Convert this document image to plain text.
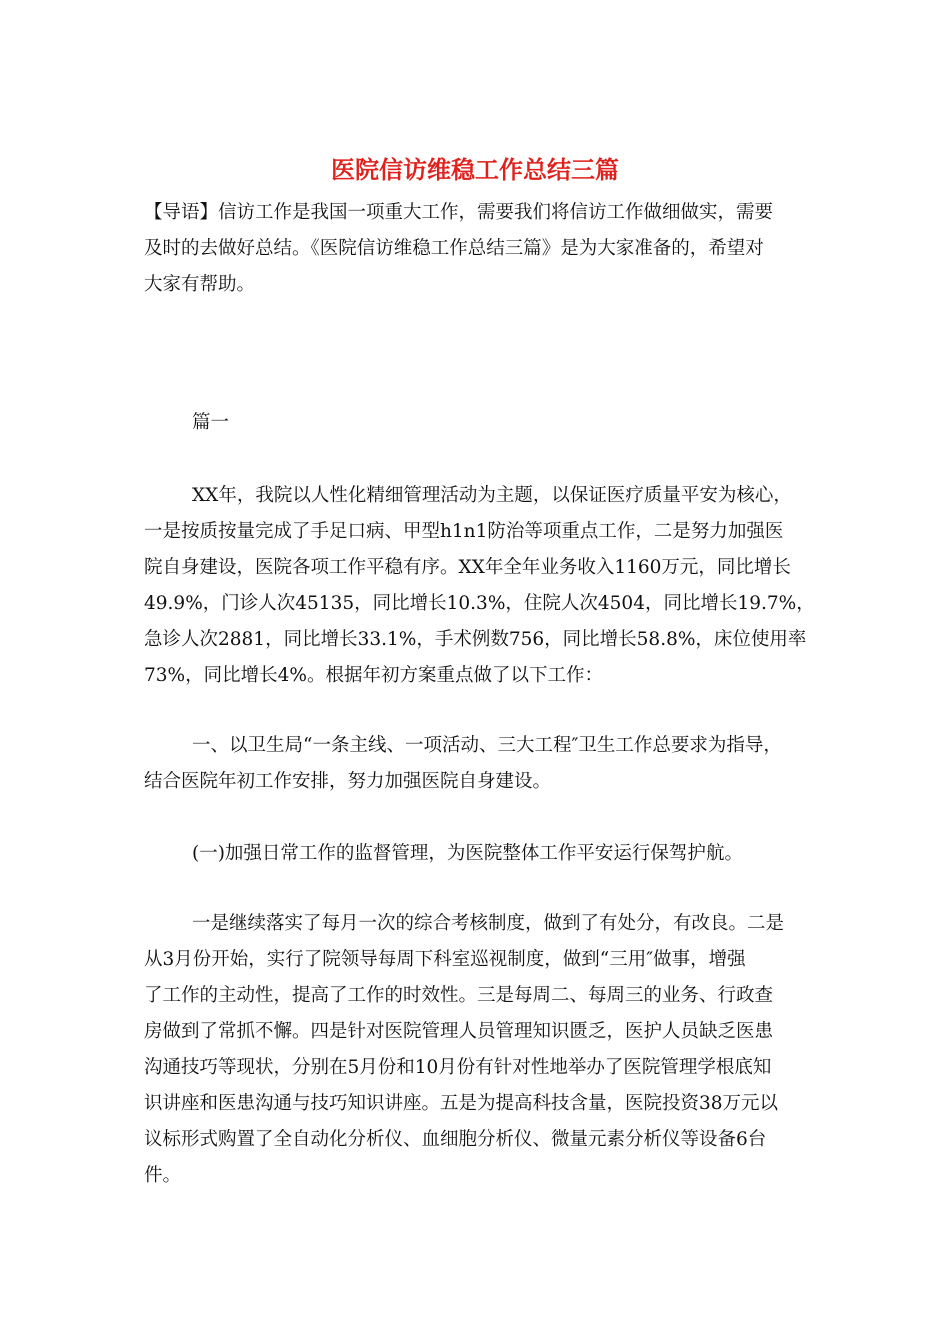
医院信访维稳工作总结三篇
【导语】信访工作是我国一项重大工作，需要我们将信访工作做细做实，需要
及时的去做好总结。《医院信访维稳工作总结三篇》是为大家准备的，希望对
大家有帮助。
篇一
XX年，我院以人性化精细管理活动为主题，以保证医疗质量平安为核心，
一是按质按量完成了手足口病、甲型h1n1防治等项重点工作，二是努力加强医
院自身建设，医院各项工作平稳有序。XX年全年业务收入1160万元，同比增长
49.9%，门诊人次45135，同比增长10.3%，住院人次4504，同比增长19.7%，
急诊人次2881，同比增长33.1%，手术例数756，同比增长58.8%，床位使用率
73%，同比增长4%。根据年初方案重点做了以下工作：
一、以卫生局“一条主线、一项活动、三大工程″卫生工作总要求为指导，
结合医院年初工作安排，努力加强医院自身建设。
(一)加强日常工作的监督管理，为医院整体工作平安运行保驾护航。
一是继续落实了每月一次的综合考核制度，做到了有处分，有改良。二是
从3月份开始，实行了院领导每周下科室巡视制度，做到“三用″做事，增强
了工作的主动性，提高了工作的时效性。三是每周二、每周三的业务、行政查
房做到了常抓不懈。四是针对医院管理人员管理知识匮乏，医护人员缺乏医患
沟通技巧等现状，分别在5月份和10月份有针对性地举办了医院管理学根底知
识讲座和医患沟通与技巧知识讲座。五是为提高科技含量，医院投资38万元以
议标形式购置了全自动化分析仪、血细胞分析仪、微量元素分析仪等设备6台
件。
